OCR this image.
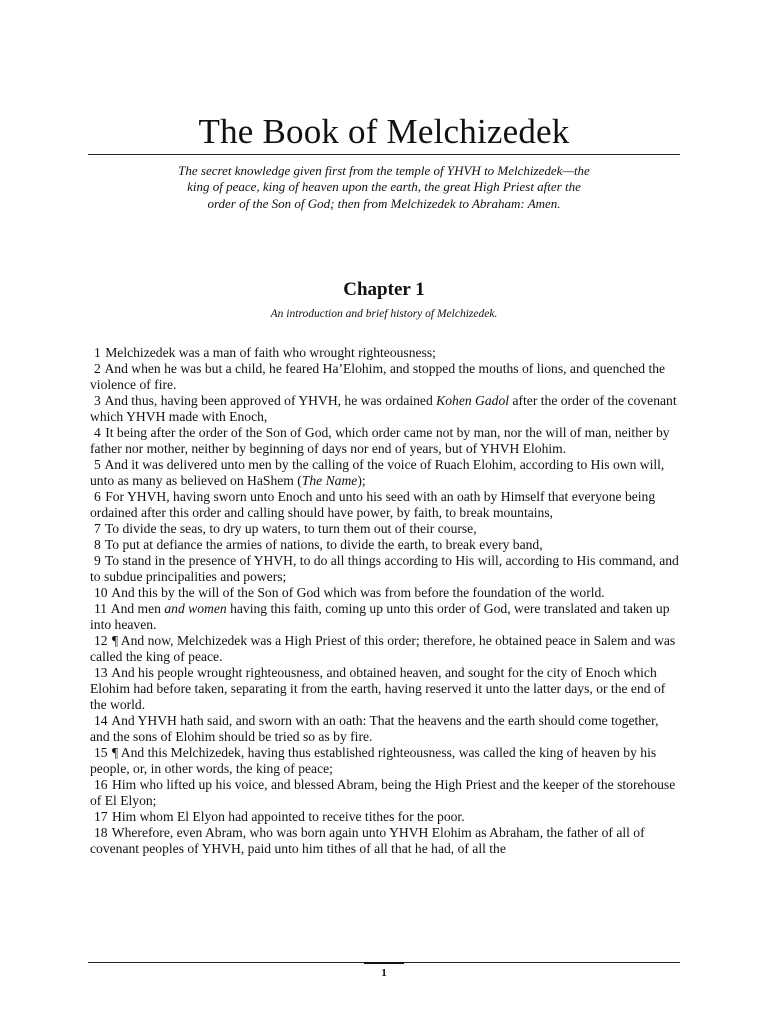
The Book of Melchizedek

The secret knowledge given first from the temple of YHVH to Melchizedek—the king of peace, king of heaven upon the earth, the great High Priest after the order of the Son of God; then from Melchizedek to Abraham: Amen.

Chapter 1

An introduction and brief history of Melchizedek.

1 Melchizedek was a man of faith who wrought righteousness;

2 And when he was but a child, he feared Ha’Elohim, and stopped the mouths of lions, and quenched the violence of fire.

3 And thus, having been approved of YHVH, he was ordained Kohen Gadol after the order of the covenant which YHVH made with Enoch,

4 It being after the order of the Son of God, which order came not by man, nor the will of man, neither by father nor mother, neither by beginning of days nor end of years, but of YHVH Elohim.

5 And it was delivered unto men by the calling of the voice of Ruach Elohim, according to His own will, unto as many as believed on HaShem (The Name);

6 For YHVH, having sworn unto Enoch and unto his seed with an oath by Himself that everyone being ordained after this order and calling should have power, by faith, to break mountains,

7 To divide the seas, to dry up waters, to turn them out of their course,

8 To put at defiance the armies of nations, to divide the earth, to break every band,

9 To stand in the presence of YHVH, to do all things according to His will, according to His command, and to subdue principalities and powers;

10 And this by the will of the Son of God which was from before the foundation of the world.

11 And men and women having this faith, coming up unto this order of God, were translated and taken up into heaven.

12 ¶ And now, Melchizedek was a High Priest of this order; therefore, he obtained peace in Salem and was called the king of peace.

13 And his people wrought righteousness, and obtained heaven, and sought for the city of Enoch which Elohim had before taken, separating it from the earth, having reserved it unto the latter days, or the end of the world.

14 And YHVH hath said, and sworn with an oath: That the heavens and the earth should come together, and the sons of Elohim should be tried so as by fire.

15 ¶ And this Melchizedek, having thus established righteousness, was called the king of heaven by his people, or, in other words, the king of peace;

16 Him who lifted up his voice, and blessed Abram, being the High Priest and the keeper of the storehouse of El Elyon;

17 Him whom El Elyon had appointed to receive tithes for the poor.

18 Wherefore, even Abram, who was born again unto YHVH Elohim as Abraham, the father of all of covenant peoples of YHVH, paid unto him tithes of all that he had, of all the

1
